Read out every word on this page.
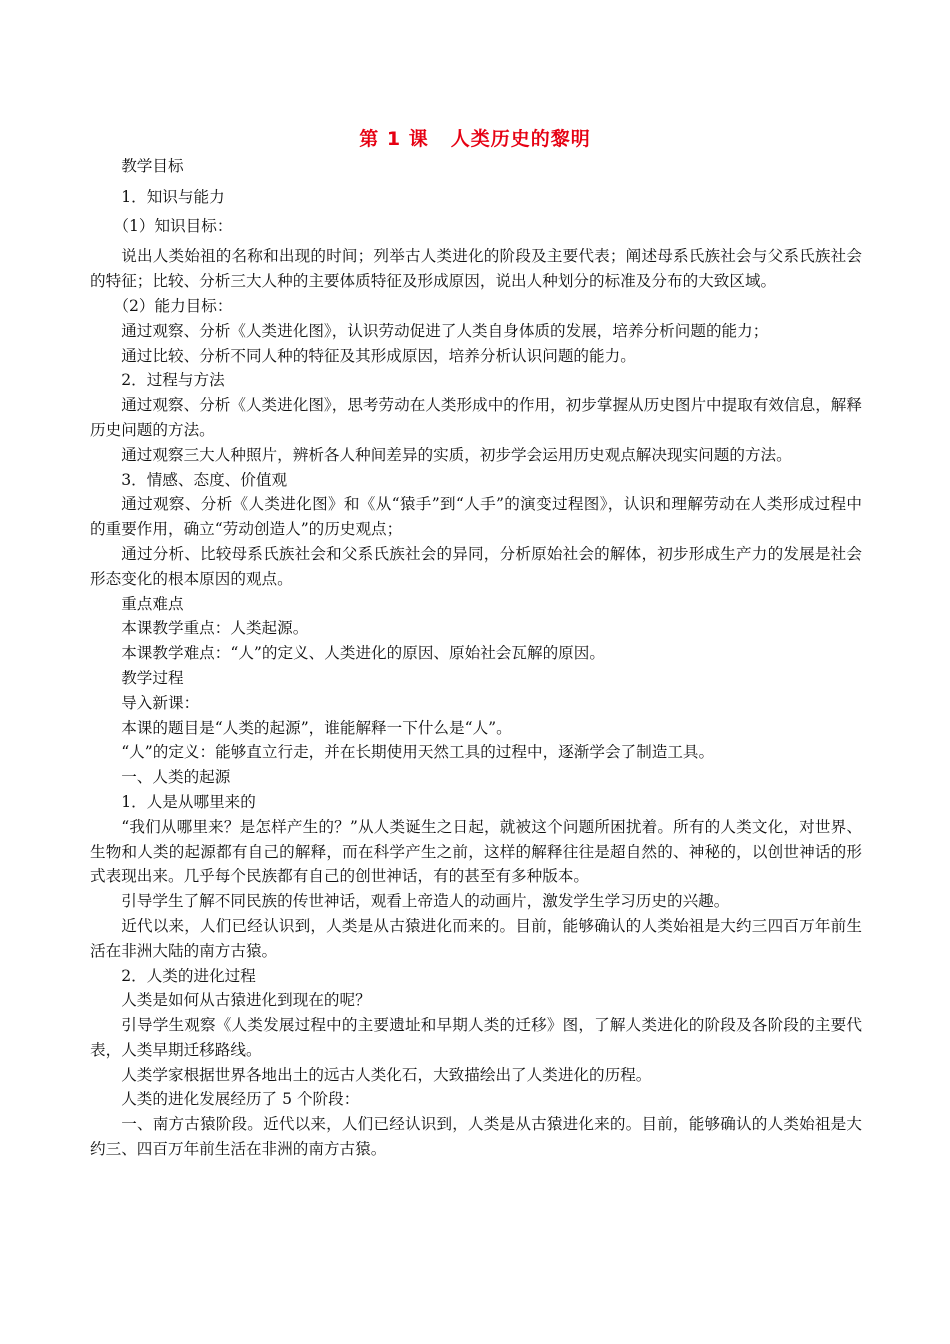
第 1 课 人类历史的黎明
教学目标
1．知识与能力
（1）知识目标：
说出人类始祖的名称和出现的时间；列举古人类进化的阶段及主要代表；阐述母系氏族社会与父系氏族社会的特征；比较、分析三大人种的主要体质特征及形成原因，说出人种划分的标准及分布的大致区域。
（2）能力目标：
通过观察、分析《人类进化图》，认识劳动促进了人类自身体质的发展，培养分析问题的能力；
通过比较、分析不同人种的特征及其形成原因，培养分析认识问题的能力。
2．过程与方法
通过观察、分析《人类进化图》，思考劳动在人类形成中的作用，初步掌握从历史图片中提取有效信息，解释历史问题的方法。
通过观察三大人种照片，辨析各人种间差异的实质，初步学会运用历史观点解决现实问题的方法。
3．情感、态度、价值观
通过观察、分析《人类进化图》和《从“猿手”到“人手”的演变过程图》，认识和理解劳动在人类形成过程中的重要作用，确立“劳动创造人”的历史观点；
通过分析、比较母系氏族社会和父系氏族社会的异同，分析原始社会的解体，初步形成生产力的发展是社会形态变化的根本原因的观点。
重点难点
本课教学重点：人类起源。
本课教学难点：“人”的定义、人类进化的原因、原始社会瓦解的原因。
教学过程
导入新课：
本课的题目是“人类的起源”，谁能解释一下什么是“人”。
“人”的定义：能够直立行走，并在长期使用天然工具的过程中，逐渐学会了制造工具。
一、人类的起源
1．人是从哪里来的
“我们从哪里来？是怎样产生的？”从人类诞生之日起，就被这个问题所困扰着。所有的人类文化，对世界、生物和人类的起源都有自己的解释，而在科学产生之前，这样的解释往往是超自然的、神秘的，以创世神话的形式表现出来。几乎每个民族都有自己的创世神话，有的甚至有多种版本。
引导学生了解不同民族的传世神话，观看上帝造人的动画片，激发学生学习历史的兴趣。
近代以来，人们已经认识到，人类是从古猿进化而来的。目前，能够确认的人类始祖是大约三四百万年前生活在非洲大陆的南方古猿。
2．人类的进化过程
人类是如何从古猿进化到现在的呢？
引导学生观察《人类发展过程中的主要遗址和早期人类的迁移》图，了解人类进化的阶段及各阶段的主要代表，人类早期迁移路线。
人类学家根据世界各地出土的远古人类化石，大致描绘出了人类进化的历程。
人类的进化发展经历了 5 个阶段：
一、南方古猿阶段。近代以来，人们已经认识到，人类是从古猿进化来的。目前，能够确认的人类始祖是大约三、四百万年前生活在非洲的南方古猿。
